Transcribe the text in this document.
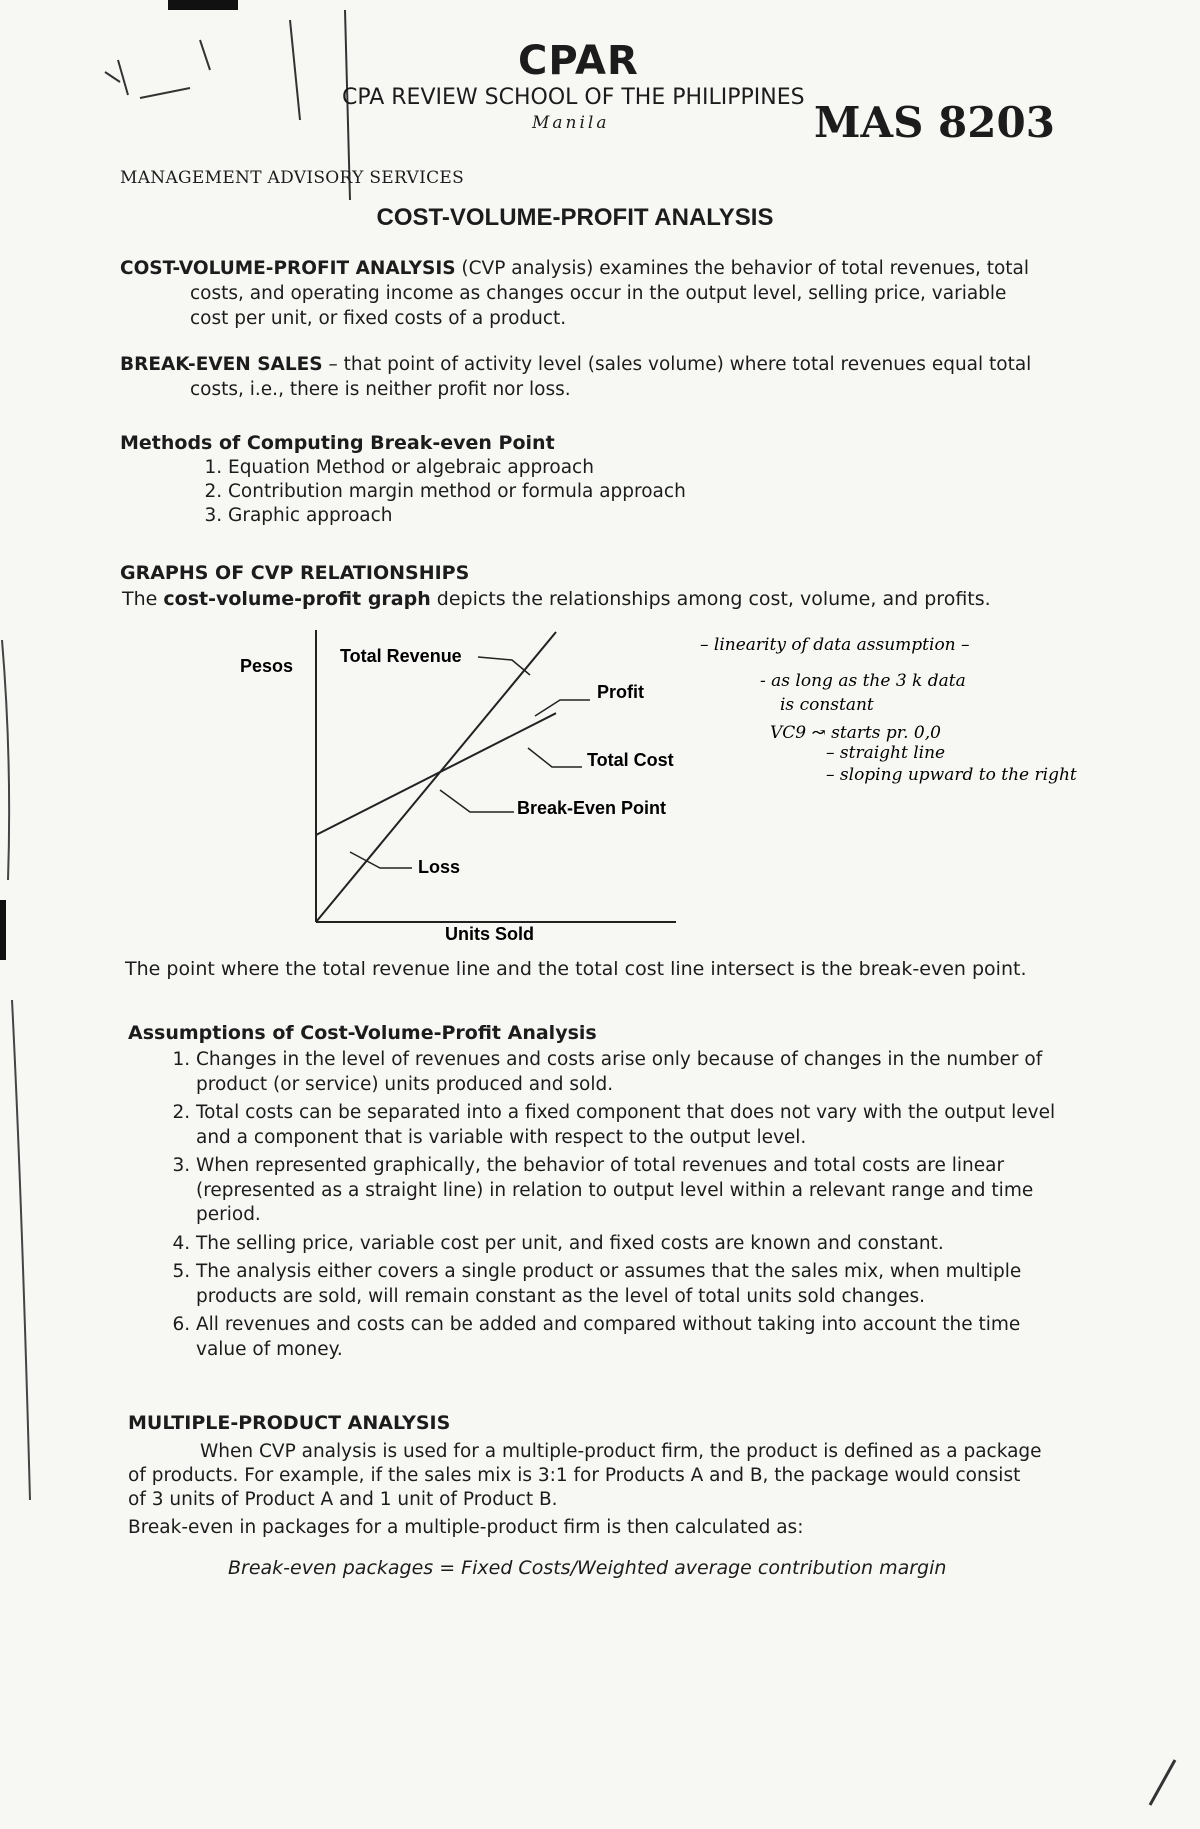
CPAR
CPA REVIEW SCHOOL OF THE PHILIPPINES
Manila	MAS 8203
MANAGEMENT ADVISORY SERVICES
COST-VOLUME-PROFIT ANALYSIS
COST-VOLUME-PROFIT ANALYSIS (CVP analysis) examines the behavior of total revenues, total costs, and operating income as changes occur in the output level, selling price, variable cost per unit, or fixed costs of a product.
BREAK-EVEN SALES – that point of activity level (sales volume) where total revenues equal total costs, i.e., there is neither profit nor loss.
Methods of Computing Break-even Point
1. Equation Method or algebraic approach
2. Contribution margin method or formula approach
3. Graphic approach
GRAPHS OF CVP RELATIONSHIPS
The cost-volume-profit graph depicts the relationships among cost, volume, and profits.
Pesos
Units Sold
Total Revenue
Profit
Total Cost
Break-Even Point
Loss
– linearity of data assumption –
- as long as the 3 k data
is constant
VC9 ↝ starts pr. 0,0
– straight line
– sloping upward to the right
The point where the total revenue line and the total cost line intersect is the break-even point.
Assumptions of Cost-Volume-Profit Analysis
1. Changes in the level of revenues and costs arise only because of changes in the number of product (or service) units produced and sold.
2. Total costs can be separated into a fixed component that does not vary with the output level and a component that is variable with respect to the output level.
3. When represented graphically, the behavior of total revenues and total costs are linear (represented as a straight line) in relation to output level within a relevant range and time period.
4. The selling price, variable cost per unit, and fixed costs are known and constant.
5. The analysis either covers a single product or assumes that the sales mix, when multiple products are sold, will remain constant as the level of total units sold changes.
6. All revenues and costs can be added and compared without taking into account the time value of money.
MULTIPLE-PRODUCT ANALYSIS

When CVP analysis is used for a multiple-product firm, the product is defined as a package of products. For example, if the sales mix is 3:1 for Products A and B, the package would consist of 3 units of Product A and 1 unit of Product B.

Break-even in packages for a multiple-product firm is then calculated as:

Break-even packages = Fixed Costs/Weighted average contribution margin
